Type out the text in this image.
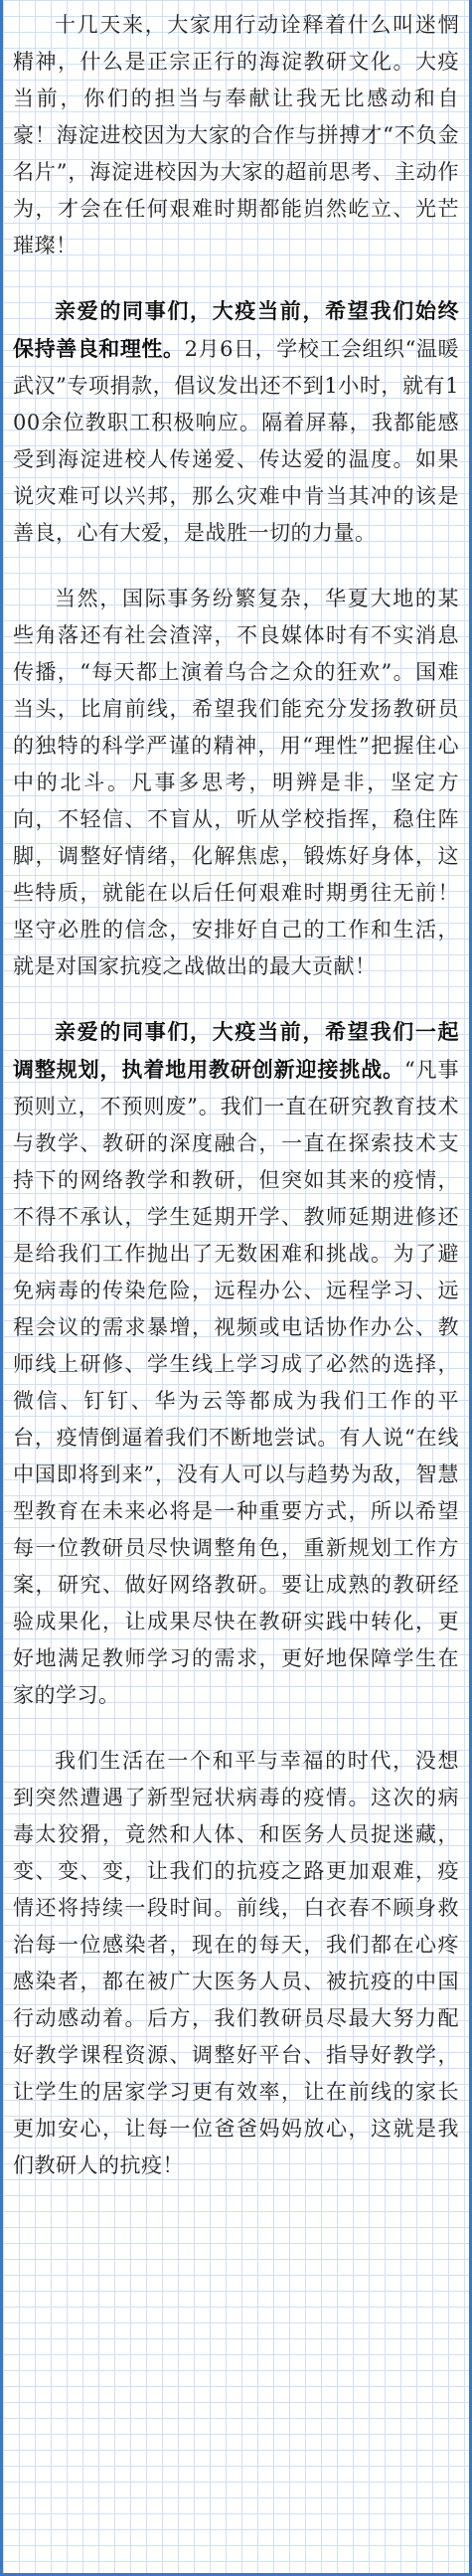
十几天来，大家用行动诠释着什么叫迷惘精神，什么是正宗正行的海淀教研文化。大疫当前，你们的担当与奉献让我无比感动和自豪！海淀进校因为大家的合作与拼搏才“不负金名片”，海淀进校因为大家的超前思考、主动作为，才会在任何艰难时期都能岿然屹立、光芒璀璨！

亲爱的同事们，大疫当前，希望我们始终保持善良和理性。2月6日，学校工会组织“温暖武汉”专项捐款，倡议发出还不到1小时，就有100余位教职工积极响应。隔着屏幕，我都能感受到海淀进校人传递爱、传达爱的温度。如果说灾难可以兴邦，那么灾难中肯当其冲的该是善良，心有大爱，是战胜一切的力量。

当然，国际事务纷繁复杂，华夏大地的某些角落还有社会渣滓，不良媒体时有不实消息传播，“每天都上演着乌合之众的狂欢”。国难当头，比肩前线，希望我们能充分发扬教研员的独特的科学严谨的精神，用“理性”把握住心中的北斗。凡事多思考，明辨是非，坚定方向，不轻信、不盲从，听从学校指挥，稳住阵脚，调整好情绪，化解焦虑，锻炼好身体，这些特质，就能在以后任何艰难时期勇往无前！坚守必胜的信念，安排好自己的工作和生活，就是对国家抗疫之战做出的最大贡献！

亲爱的同事们，大疫当前，希望我们一起调整规划，执着地用教研创新迎接挑战。“凡事预则立，不预则废”。我们一直在研究教育技术与教学、教研的深度融合，一直在探索技术支持下的网络教学和教研，但突如其来的疫情，不得不承认，学生延期开学、教师延期进修还是给我们工作抛出了无数困难和挑战。为了避免病毒的传染危险，远程办公、远程学习、远程会议的需求暴增，视频或电话协作办公、教师线上研修、学生线上学习成了必然的选择，微信、钉钉、华为云等都成为我们工作的平台，疫情倒逼着我们不断地尝试。有人说“在线中国即将到来”，没有人可以与趋势为敌，智慧型教育在未来必将是一种重要方式，所以希望每一位教研员尽快调整角色，重新规划工作方案，研究、做好网络教研。要让成熟的教研经验成果化，让成果尽快在教研实践中转化，更好地满足教师学习的需求，更好地保障学生在家的学习。

我们生活在一个和平与幸福的时代，没想到突然遭遇了新型冠状病毒的疫情。这次的病毒太狡猾，竟然和人体、和医务人员捉迷藏，变、变、变，让我们的抗疫之路更加艰难，疫情还将持续一段时间。前线，白衣春不顾身救治每一位感染者，现在的每天，我们都在心疼感染者，都在被广大医务人员、被抗疫的中国行动感动着。后方，我们教研员尽最大努力配好教学课程资源、调整好平台、指导好教学，让学生的居家学习更有效率，让在前线的家长更加安心，让每一位爸爸妈妈放心，这就是我们教研人的抗疫！
